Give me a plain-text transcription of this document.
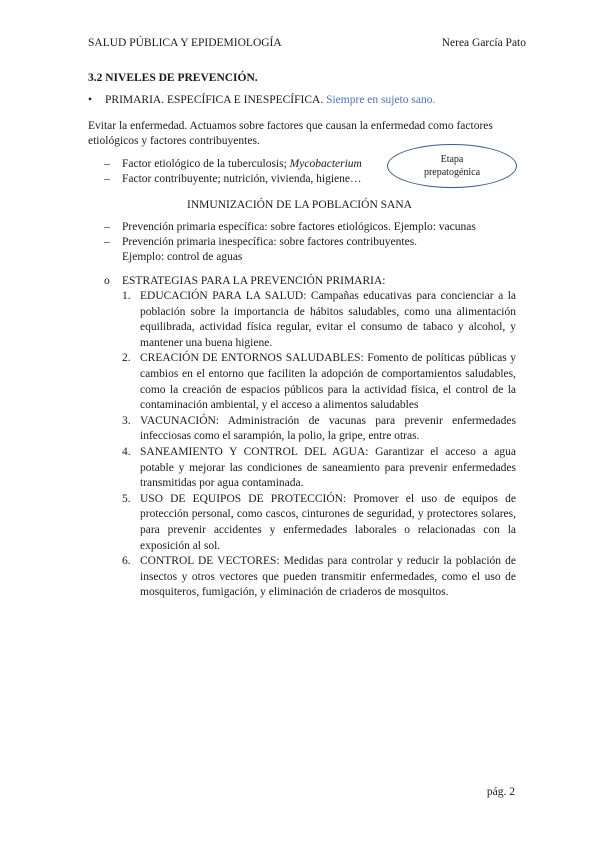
SALUD PÚBLICA Y EPIDEMIOLOGÍA	Nerea García Pato
3.2 NIVELES DE PREVENCIÓN.
• PRIMARIA. ESPECÍFICA E INESPECÍFICA. Siempre en sujeto sano.
Evitar la enfermedad. Actuamos sobre factores que causan la enfermedad como factores etiológicos y factores contribuyentes.
– Factor etiológico de la tuberculosis; Mycobacterium
– Factor contribuyente; nutrición, vivienda, higiene…
Etapa
prepatogénica
INMUNIZACIÓN DE LA POBLACIÓN SANA
– Prevención primaria específica: sobre factores etiológicos. Ejemplo: vacunas
– Prevención primaria inespecífica: sobre factores contribuyentes. Ejemplo: control de aguas
o ESTRATEGIAS PARA LA PREVENCIÓN PRIMARIA:
1. EDUCACIÓN PARA LA SALUD: Campañas educativas para concienciar a la población sobre la importancia de hábitos saludables, como una alimentación equilibrada, actividad física regular, evitar el consumo de tabaco y alcohol, y mantener una buena higiene.
2. CREACIÓN DE ENTORNOS SALUDABLES: Fomento de políticas públicas y cambios en el entorno que faciliten la adopción de comportamientos saludables, como la creación de espacios públicos para la actividad física, el control de la contaminación ambiental, y el acceso a alimentos saludables
3. VACUNACIÓN: Administración de vacunas para prevenir enfermedades infecciosas como el sarampión, la polio, la gripe, entre otras.
4. SANEAMIENTO Y CONTROL DEL AGUA: Garantizar el acceso a agua potable y mejorar las condiciones de saneamiento para prevenir enfermedades transmitidas por agua contaminada.
5. USO DE EQUIPOS DE PROTECCIÓN: Promover el uso de equipos de protección personal, como cascos, cinturones de seguridad, y protectores solares, para prevenir accidentes y enfermedades laborales o relacionadas con la exposición al sol.
6. CONTROL DE VECTORES: Medidas para controlar y reducir la población de insectos y otros vectores que pueden transmitir enfermedades, como el uso de mosquiteros, fumigación, y eliminación de criaderos de mosquitos.
pág. 2
